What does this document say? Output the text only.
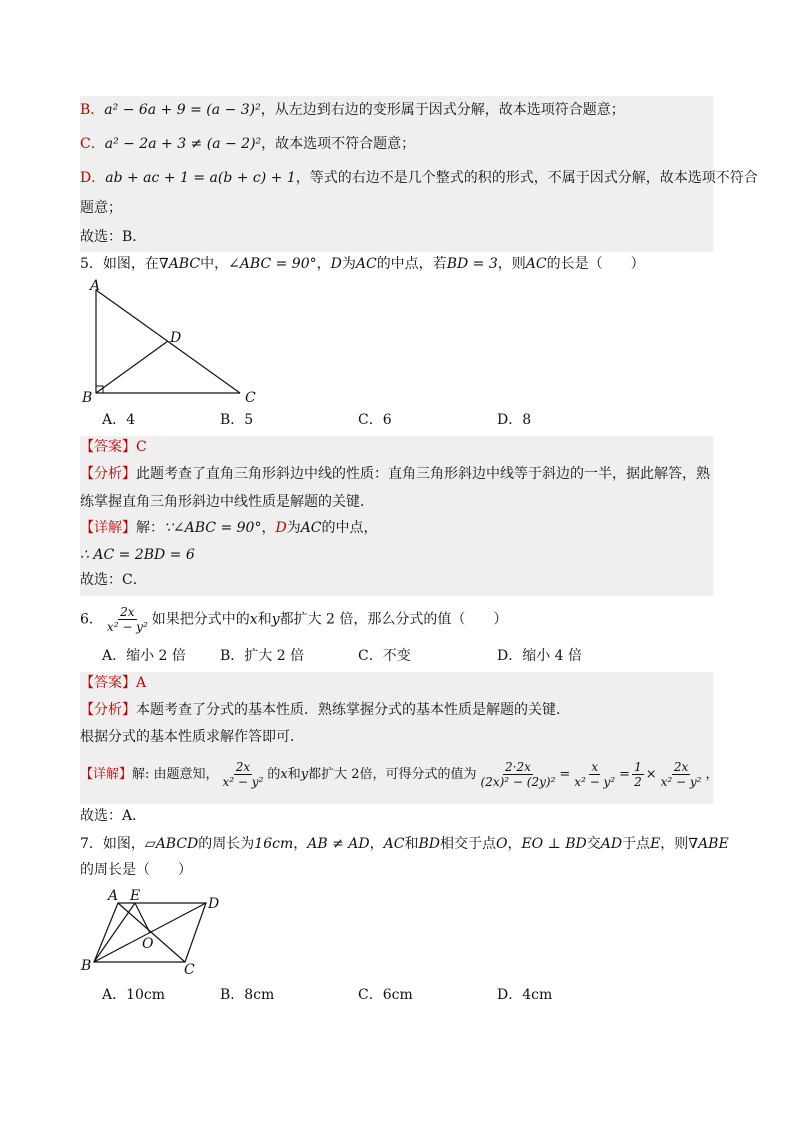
B．a² − 6a + 9 = (a − 3)²，从左边到右边的变形属于因式分解，故本选项符合题意；
C．a² − 2a + 3 ≠ (a − 2)²，故本选项不符合题意；
D．ab + ac + 1 = a(b + c) + 1，等式的右边不是几个整式的积的形式，不属于因式分解，故本选项不符合
题意；
故选：B．
5．如图，在∇ABC中，∠ABC = 90°，D为AC的中点，若BD = 3，则AC的长是（　　）
A
B	C
D
A．4	B．5	C．6	D．8
【答案】C
【分析】此题考查了直角三角形斜边中线的性质：直角三角形斜边中线等于斜边的一半，据此解答，熟
练掌握直角三角形斜边中线性质是解题的关键．
【详解】解：∵∠ABC = 90°，D为AC的中点，
∴ AC = 2BD = 6
故选：C．
6． $\frac{2x}{\text{x² − y²}}$ 如果把分式中的x和y都扩大 2 倍，那么分式的值（　　）
A．缩小 2 倍 B．扩大 2 倍	C．不变	D．缩小 4 倍
【答案】A
【分析】本题考查了分式的基本性质．熟练掌握分式的基本性质是解题的关键．
根据分式的基本性质求解作答即可．
【详解】解: 由题意知， $\frac{2x}{\text{x² − y²}}$ 的x和y都扩大 2倍，可得分式的值为 $\frac{2\cdot 2x}{\text{(2x)² − (2y)²}} = \frac{x}{\text{x² − y²}} = \frac{1}{2} \times \frac{2x}{\text{x² − y²}}$ ，
故选：A．
7．如图，▱ABCD的周长为16cm，AB ≠ AD，AC和BD相交于点O，EO ⊥ BD交AD于点E，则∇ABE
的周长是（　　）
A E	D
O
B	C
A．10cm	B．8cm	C．6cm	D．4cm
